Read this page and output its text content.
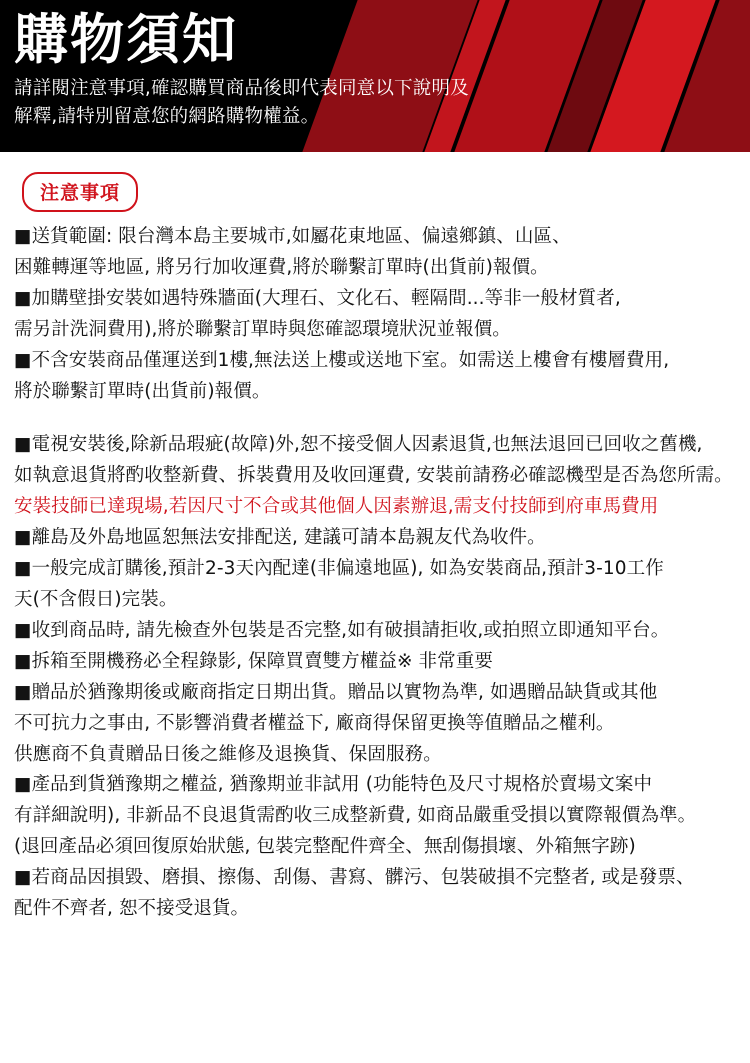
購物須知
請詳閱注意事項,確認購買商品後即代表同意以下說明及
解釋,請特別留意您的網路購物權益。
注意事項

■送貨範圍: 限台灣本島主要城市,如屬花東地區、偏遠鄉鎮、山區、

困難轉運等地區, 將另行加收運費,將於聯繫訂單時(出貨前)報價。

■加購壁掛安裝如遇特殊牆面(大理石、文化石、輕隔間...等非一般材質者,

需另計洗洞費用),將於聯繫訂單時與您確認環境狀況並報價。

■不含安裝商品僅運送到1樓,無法送上樓或送地下室。如需送上樓會有樓層費用,

將於聯繫訂單時(出貨前)報價。

■電視安裝後,除新品瑕疵(故障)外,恕不接受個人因素退貨,也無法退回已回收之舊機,

如執意退貨將酌收整新費、拆裝費用及收回運費, 安裝前請務必確認機型是否為您所需。

安裝技師已達現場,若因尺寸不合或其他個人因素辦退,需支付技師到府車馬費用

■離島及外島地區恕無法安排配送, 建議可請本島親友代為收件。

■一般完成訂購後,預計2-3天內配達(非偏遠地區), 如為安裝商品,預計3-10工作

天(不含假日)完裝。

■收到商品時, 請先檢查外包裝是否完整,如有破損請拒收,或拍照立即通知平台。

■拆箱至開機務必全程錄影, 保障買賣雙方權益※ 非常重要

■贈品於猶豫期後或廠商指定日期出貨。贈品以實物為準, 如遇贈品缺貨或其他

不可抗力之事由, 不影響消費者權益下, 廠商得保留更換等值贈品之權利。

供應商不負責贈品日後之維修及退換貨、保固服務。

■產品到貨猶豫期之權益, 猶豫期並非試用 (功能特色及尺寸規格於賣場文案中

有詳細說明), 非新品不良退貨需酌收三成整新費, 如商品嚴重受損以實際報價為準。

(退回產品必須回復原始狀態, 包裝完整配件齊全、無刮傷損壞、外箱無字跡)

■若商品因損毀、磨損、擦傷、刮傷、書寫、髒污、包裝破損不完整者, 或是發票、

配件不齊者, 恕不接受退貨。
